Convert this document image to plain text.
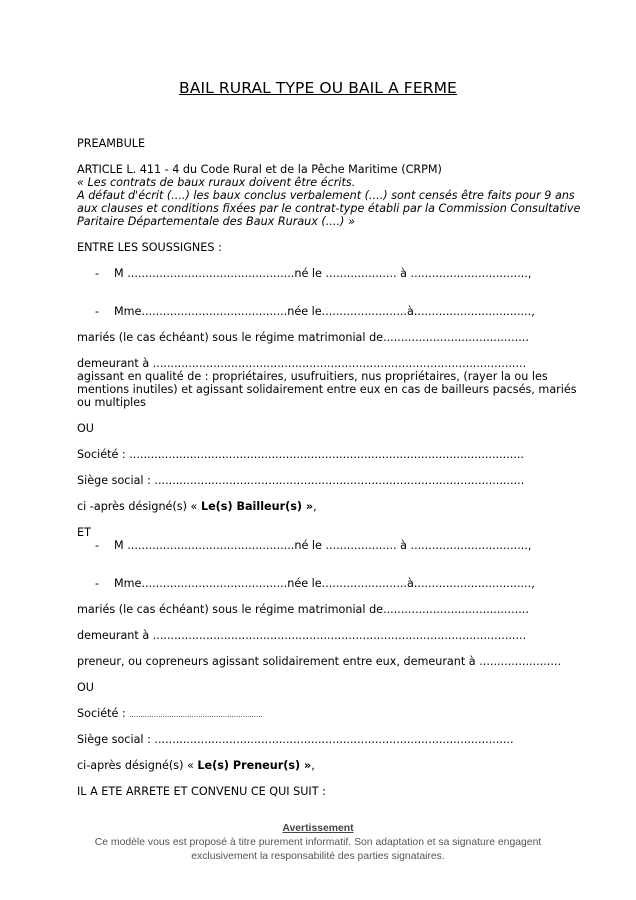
BAIL RURAL TYPE OU BAIL A FERME
PREAMBULE
ARTICLE L. 411 - 4 du Code Rural et de la Pêche Maritime (CRPM)
« Les contrats de baux ruraux doivent être écrits.
A défaut d'écrit (....) les baux conclus verbalement (....) sont censés être faits pour 9 ans
aux clauses et conditions fixées par le contrat-type établi par la Commission Consultative
Paritaire Départementale des Baux Ruraux (....) »
ENTRE LES SOUSSIGNES :
- M ...............................................né le .................... à .................................,
- Mme.........................................née le........................à.................................,
mariés (le cas échéant) sous le régime matrimonial de.........................................
demeurant à .........................................................................................................
agissant en qualité de : propriétaires, usufruitiers, nus propriétaires, (rayer la ou les
mentions inutiles) et agissant solidairement entre eux en cas de bailleurs pacsés, mariés
ou multiples
OU
Société : ...............................................................................................................
Siège social : ........................................................................................................
ci -après désigné(s) « Le(s) Bailleur(s) »,
ET
- M ...............................................né le .................... à .................................,
- Mme.........................................née le........................à.................................,
mariés (le cas échéant) sous le régime matrimonial de.........................................
demeurant à .........................................................................................................
preneur, ou copreneurs agissant solidairement entre eux, demeurant à .......................
OU
Société : ............................................................
Siège social : .....................................................................................................
ci-après désigné(s) « Le(s) Preneur(s) »,
IL A ETE ARRETE ET CONVENU CE QUI SUIT :
Avertissement
Ce modèle vous est proposé à titre purement informatif. Son adaptation et sa signature engagent
exclusivement la responsabilité des parties signataires.
